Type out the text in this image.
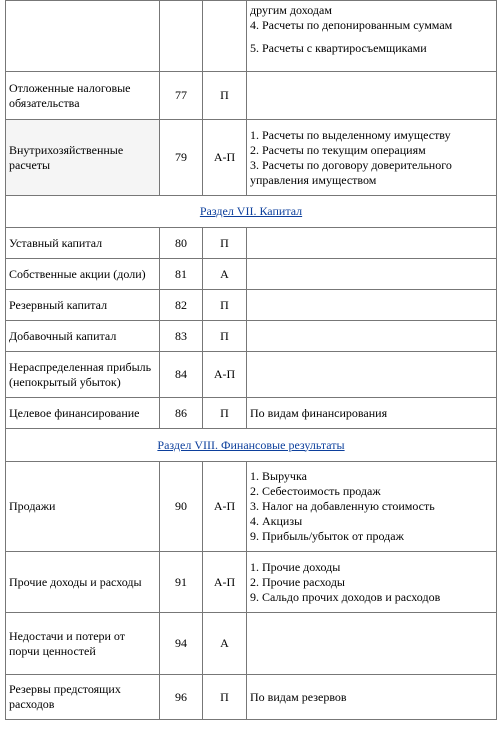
			другим доходам
4. Расчеты по депонированным суммам
5. Расчеты с квартиросъемщиками

Отложенные налоговые обязательства	77	П	
Внутрихозяйственные расчеты	79	А-П	1. Расчеты по выделенному имуществу
2. Расчеты по текущим операциям
3. Расчеты по договору доверительного управления имуществом

Раздел VII. Капитал			
Уставный капитал	80	П	
Собственные акции (доли)	81	А	
Резервный капитал	82	П	
Добавочный капитал	83	П	
Нераспределенная прибыль (непокрытый убыток)	84	А-П	
Целевое финансирование	86	П	По видам финансирования

Раздел VIII. Финансовые результаты			
Продажи	90	А-П	1. Выручка
2. Себестоимость продаж
3. Налог на добавленную стоимость
4. Акцизы
9. Прибыль/убыток от продаж

Прочие доходы и расходы	91	А-П	1. Прочие доходы
2. Прочие расходы
9. Сальдо прочих доходов и расходов

Недостачи и потери от порчи ценностей	94	А	
Резервы предстоящих расходов	96	П	По видам резервов
